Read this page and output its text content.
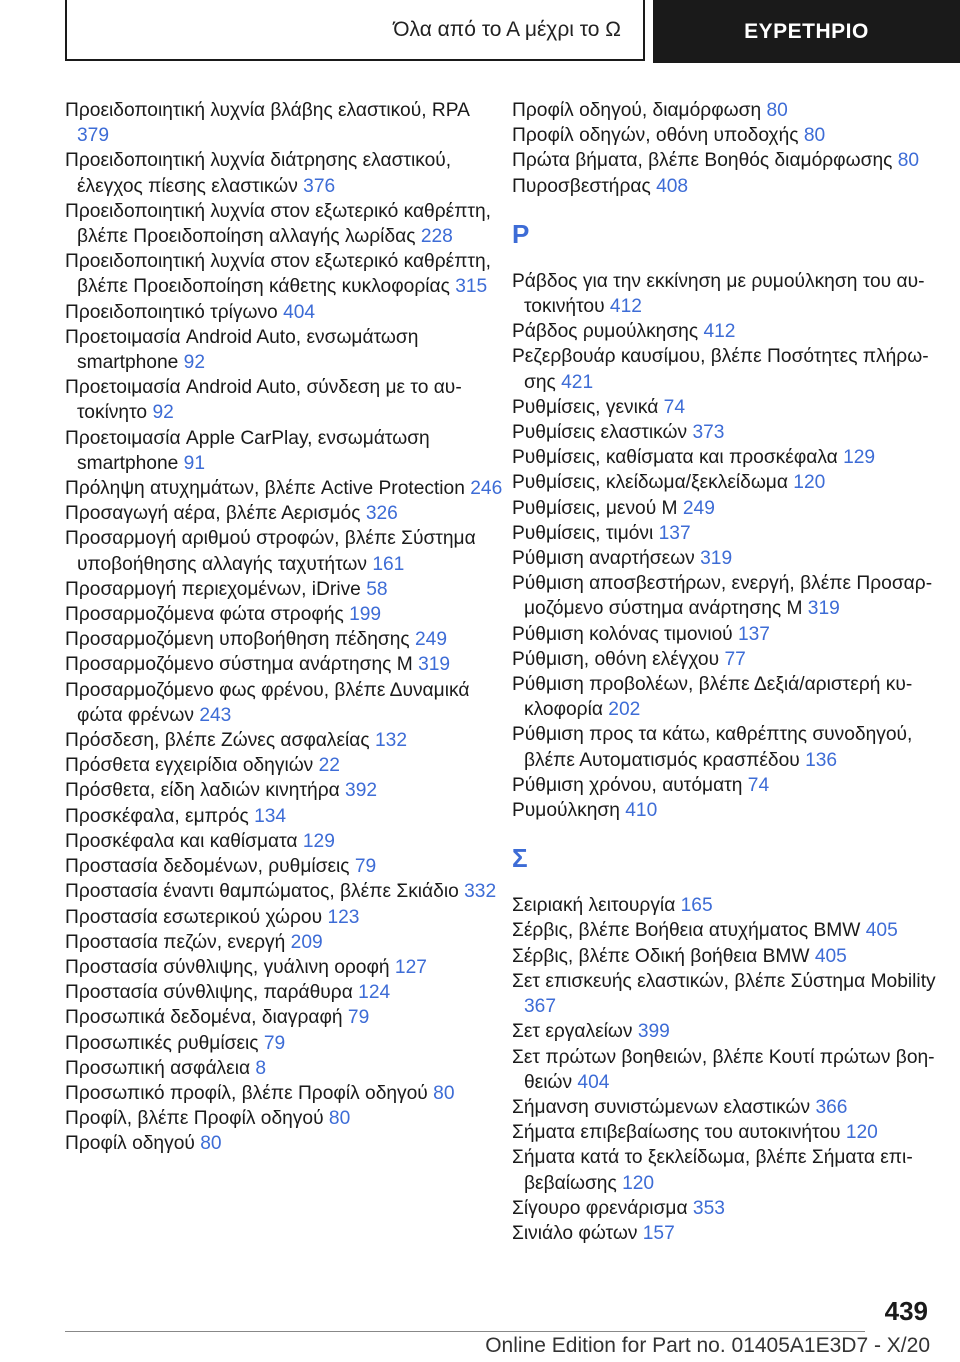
Όλα από το Α μέχρι το Ω	ΕΥΡΕΤΗΡΙΟ

Προειδοποιητική λυχνία βλάβης ελαστικού, RPA 379

Προειδοποιητική λυχνία διάτρησης ελαστικού, έλεγχος πίεσης ελαστικών 376

Προειδοποιητική λυχνία στον εξωτερικό καθρέπτη, βλέπε Προειδοποίηση αλλαγής λωρίδας 228

Προειδοποιητική λυχνία στον εξωτερικό καθρέπτη, βλέπε Προειδοποίηση κάθετης κυκλοφορίας 315

Προειδοποιητικό τρίγωνο 404

Προετοιμασία Android Auto, ενσωμάτωση smartphone 92

Προετοιμασία Android Auto, σύνδεση με το αυτοκίνητο 92

Προετοιμασία Apple CarPlay, ενσωμάτωση smartphone 91

Πρόληψη ατυχημάτων, βλέπε Active Protection 246

Προσαγωγή αέρα, βλέπε Αερισμός 326

Προσαρμογή αριθμού στροφών, βλέπε Σύστημα υποβοήθησης αλλαγής ταχυτήτων 161

Προσαρμογή περιεχομένων, iDrive 58

Προσαρμοζόμενα φώτα στροφής 199

Προσαρμοζόμενη υποβοήθηση πέδησης 249

Προσαρμοζόμενο σύστημα ανάρτησης M 319

Προσαρμοζόμενο φως φρένου, βλέπε Δυναμικά φώτα φρένων 243

Πρόσδεση, βλέπε Ζώνες ασφαλείας 132

Πρόσθετα εγχειρίδια οδηγιών 22

Πρόσθετα, είδη λαδιών κινητήρα 392

Προσκέφαλα, εμπρός 134

Προσκέφαλα και καθίσματα 129

Προστασία δεδομένων, ρυθμίσεις 79

Προστασία έναντι θαμπώματος, βλέπε Σκιάδιο 332

Προστασία εσωτερικού χώρου 123

Προστασία πεζών, ενεργή 209

Προστασία σύνθλιψης, γυάλινη οροφή 127

Προστασία σύνθλιψης, παράθυρα 124

Προσωπικά δεδομένα, διαγραφή 79

Προσωπικές ρυθμίσεις 79

Προσωπική ασφάλεια 8

Προσωπικό προφίλ, βλέπε Προφίλ οδηγού 80

Προφίλ, βλέπε Προφίλ οδηγού 80

Προφίλ οδηγού 80

Προφίλ οδηγού, διαμόρφωση 80

Προφίλ οδηγών, οθόνη υποδοχής 80

Πρώτα βήματα, βλέπε Βοηθός διαμόρφωσης 80

Πυροσβεστήρας 408

P

Ράβδος για την εκκίνηση με ρυμούλκηση του αυτοκινήτου 412

Ράβδος ρυμούλκησης 412

Ρεζερβουάρ καυσίμου, βλέπε Ποσότητες πλήρωσης 421

Ρυθμίσεις, γενικά 74

Ρυθμίσεις ελαστικών 373

Ρυθμίσεις, καθίσματα και προσκέφαλα 129

Ρυθμίσεις, κλείδωμα/ξεκλείδωμα 120

Ρυθμίσεις, μενού M 249

Ρυθμίσεις, τιμόνι 137

Ρύθμιση αναρτήσεων 319

Ρύθμιση αποσβεστήρων, ενεργή, βλέπε Προσαρμοζόμενο σύστημα ανάρτησης M 319

Ρύθμιση κολόνας τιμονιού 137

Ρύθμιση, οθόνη ελέγχου 77

Ρύθμιση προβολέων, βλέπε Δεξιά/αριστερή κυκλοφορία 202

Ρύθμιση προς τα κάτω, καθρέπτης συνοδηγού, βλέπε Αυτοματισμός κρασπέδου 136

Ρύθμιση χρόνου, αυτόματη 74

Ρυμούλκηση 410

Σ

Σειριακή λειτουργία 165

Σέρβις, βλέπε Βοήθεια ατυχήματος BMW 405

Σέρβις, βλέπε Οδική βοήθεια BMW 405

Σετ επισκευής ελαστικών, βλέπε Σύστημα Mobility 367

Σετ εργαλείων 399

Σετ πρώτων βοηθειών, βλέπε Κουτί πρώτων βοηθειών 404

Σήμανση συνιστώμενων ελαστικών 366

Σήματα επιβεβαίωσης του αυτοκινήτου 120

Σήματα κατά το ξεκλείδωμα, βλέπε Σήματα επιβεβαίωσης 120

Σίγουρο φρενάρισμα 353

Σινιάλο φώτων 157

439
Online Edition for Part no. 01405A1E3D7 - X/20
